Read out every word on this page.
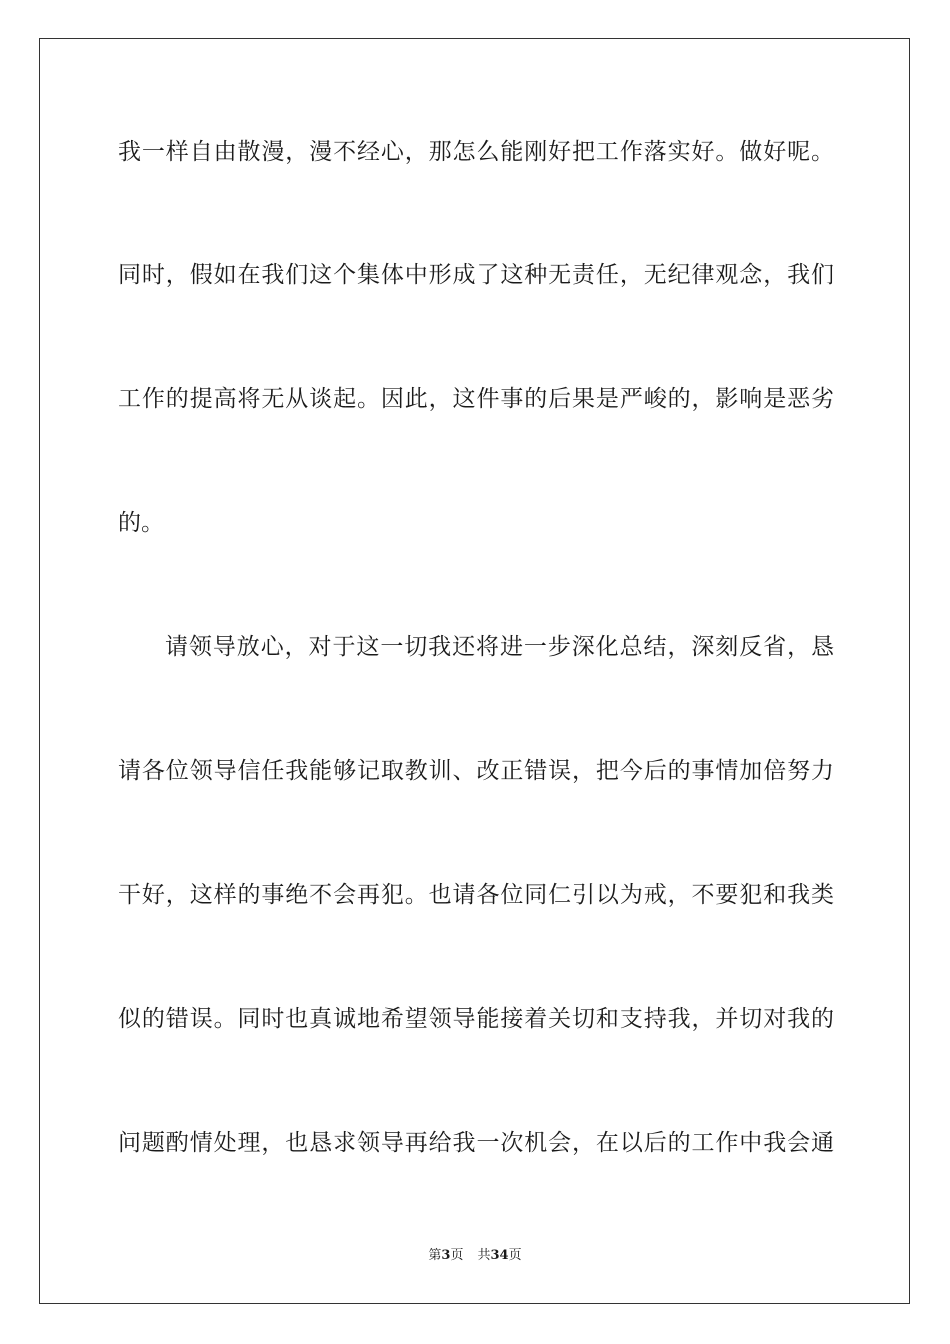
我一样自由散漫，漫不经心，那怎么能刚好把工作落实好。做好呢。
同时，假如在我们这个集体中形成了这种无责任，无纪律观念，我们
工作的提高将无从谈起。因此，这件事的后果是严峻的，影响是恶劣
的。
请领导放心，对于这一切我还将进一步深化总结，深刻反省，恳
请各位领导信任我能够记取教训、改正错误，把今后的事情加倍努力
干好，这样的事绝不会再犯。也请各位同仁引以为戒，不要犯和我类
似的错误。同时也真诚地希望领导能接着关切和支持我，并切对我的
问题酌情处理，也恳求领导再给我一次机会，在以后的工作中我会通
第3页 共34页
